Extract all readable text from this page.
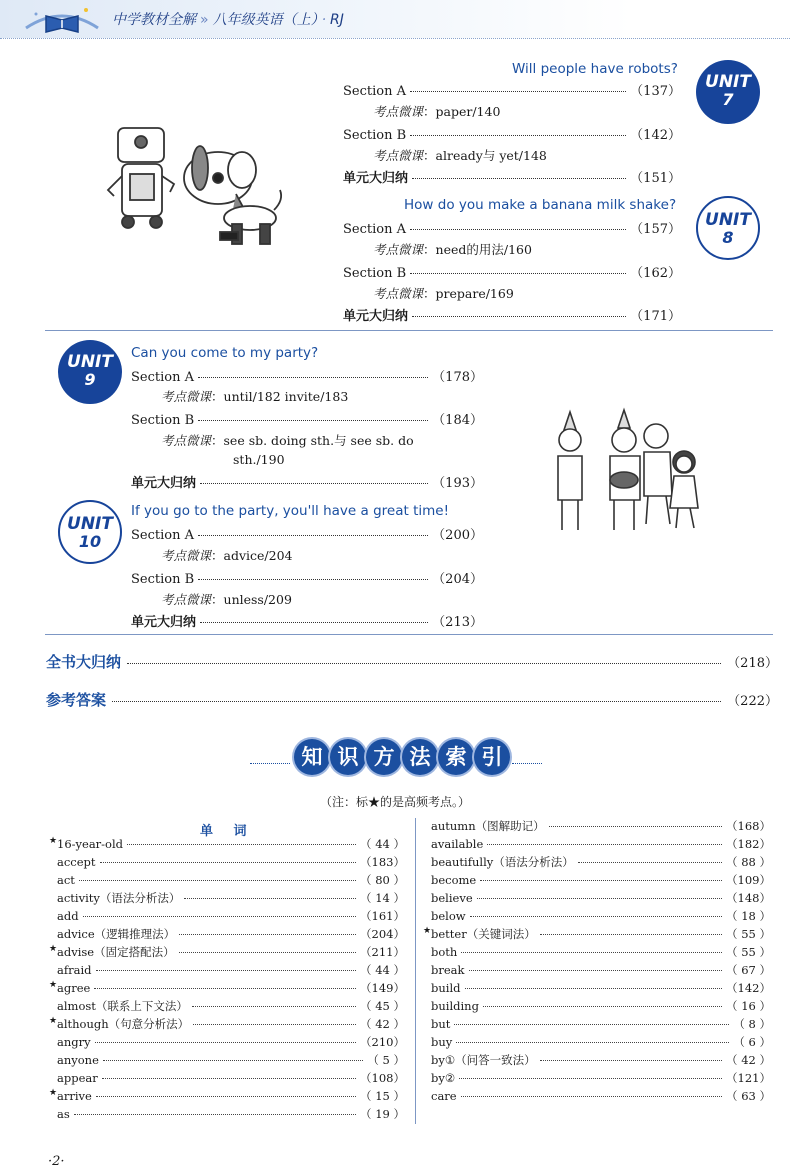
中学教材全解 » 八年级英语（上） · RJ
Will people have robots?
UNIT
7
Section A	（137）
考点微课：paper/140
Section B	（142）
考点微课：already与 yet/148
单元大归纳	（151）
How do you make a banana milk shake?
UNIT
8
Section A	（157）
考点微课：need的用法/160
Section B	（162）
考点微课：prepare/169
单元大归纳	（171）
UNIT
9
Can you come to my party?
Section A	（178）
考点微课：until/182 invite/183
Section B	（184）
考点微课：see sb. doing sth.与 see sb. do
sth./190
单元大归纳	（193）
UNIT
10
If you go to the party, you'll have a great time!
Section A	（200）
考点微课：advice/204
Section B	（204）
考点微课：unless/209
单元大归纳	（213）
全书大归纳	（218）
参考答案	（222）
知 识 方 法 索 引
（注：标★的是高频考点。）
单 词
★ 16-year-old	（ 44 ）
accept	（183）
act	（ 80 ）
activity（语法分析法）	（ 14 ）
add	（161）
advice（逻辑推理法）	（204）
★ advise（固定搭配法）	（211）
afraid	（ 44 ）
★ agree	（149）
almost（联系上下文法）	（ 45 ）
★ although（句意分析法）	（ 42 ）
angry	（210）
anyone	（ 5 ）
appear	（108）
★ arrive	（ 15 ）
as	（ 19 ）
autumn（图解助记）	（168）
available	（182）
beautifully（语法分析法）	（ 88 ）
become	（109）
believe	（148）
below	（ 18 ）
★ better（关键词法）	（ 55 ）
both	（ 55 ）
break	（ 67 ）
build	（142）
building	（ 16 ）
but	（ 8 ）
buy	（ 6 ）
by①（问答一致法）	（ 42 ）
by②	（121）
care	（ 63 ）
·2·
